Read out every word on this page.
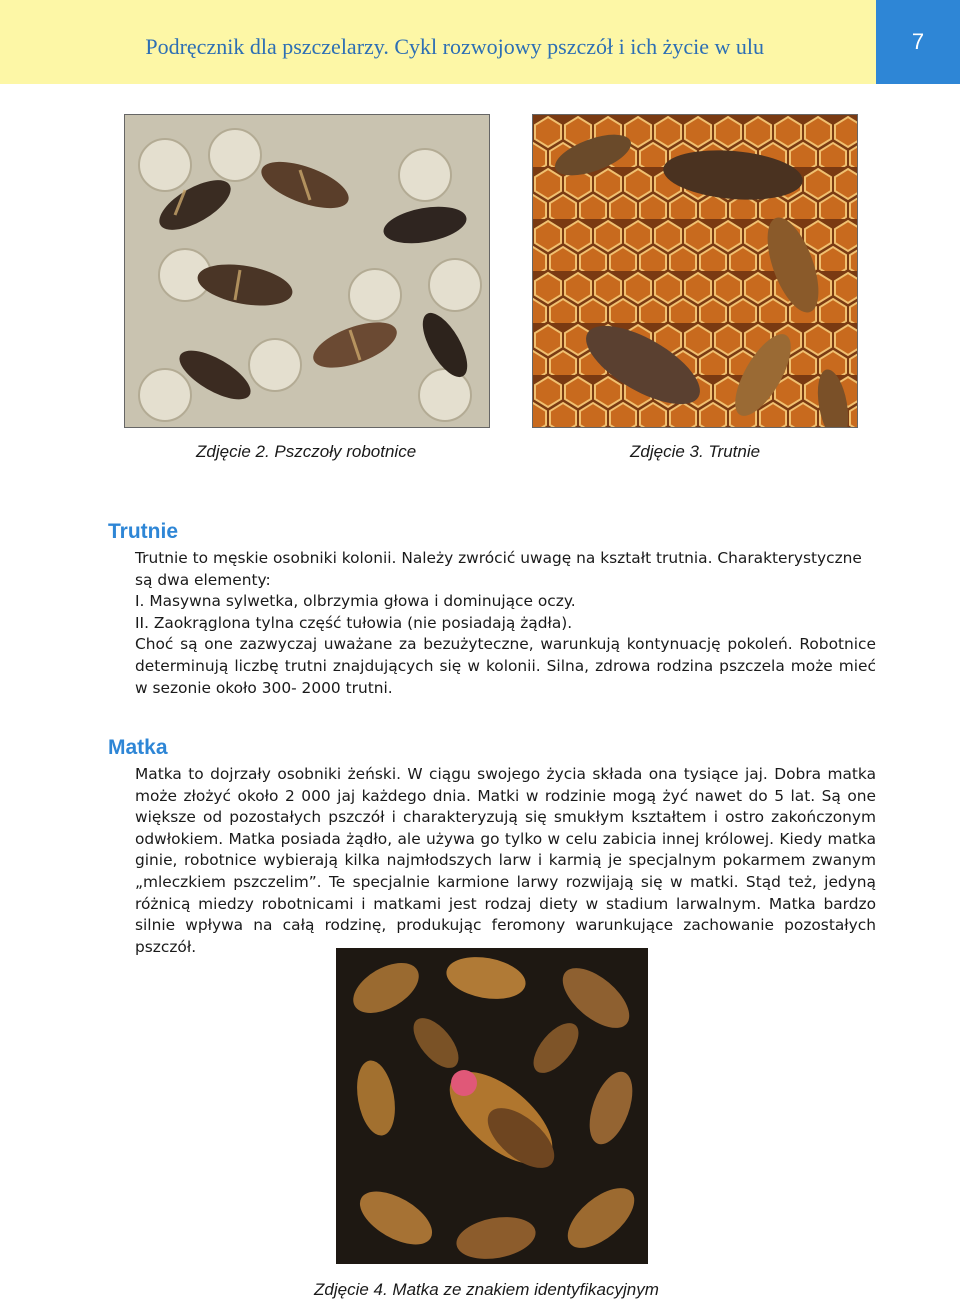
Podręcznik dla pszczelarzy. Cykl rozwojowy pszczół i ich życie w ulu	7
Zdjęcie 2. Pszczoły robotnice	Zdjęcie 3. Trutnie
Trutnie

Trutnie to męskie osobniki kolonii. Należy zwrócić uwagę na kształt trutnia. Charakterystyczne są dwa elementy:

I. Masywna sylwetka, olbrzymia głowa i dominujące oczy.

II. Zaokrąglona tylna część tułowia (nie posiadają żądła).

Choć są one zazwyczaj uważane za bezużyteczne, warunkują kontynuację pokoleń. Robotnice determinują liczbę trutni znajdujących się w kolonii. Silna, zdrowa rodzina pszczela może mieć w sezonie około 300- 2000 trutni.

Matka

Matka to dojrzały osobniki żeński. W ciągu swojego życia składa ona tysiące jaj. Dobra matka może złożyć około 2 000 jaj każdego dnia. Matki w rodzinie mogą żyć nawet do 5 lat. Są one większe od pozostałych pszczół i charakteryzują się smukłym kształtem i ostro zakończonym odwłokiem. Matka posiada żądło, ale używa go tylko w celu zabicia innej królowej. Kiedy matka ginie, robotnice wybierają kilka najmłodszych larw i karmią je specjalnym pokarmem zwanym „mleczkiem pszczelim”. Te specjalnie karmione larwy rozwijają się w matki. Stąd też, jedyną różnicą miedzy robotnicami i matkami jest rodzaj diety w stadium larwalnym. Matka bardzo silnie wpływa na całą rodzinę, produkując feromony warunkujące zachowanie pozostałych pszczół.

Zdjęcie 4. Matka ze znakiem identyfikacyjnym
